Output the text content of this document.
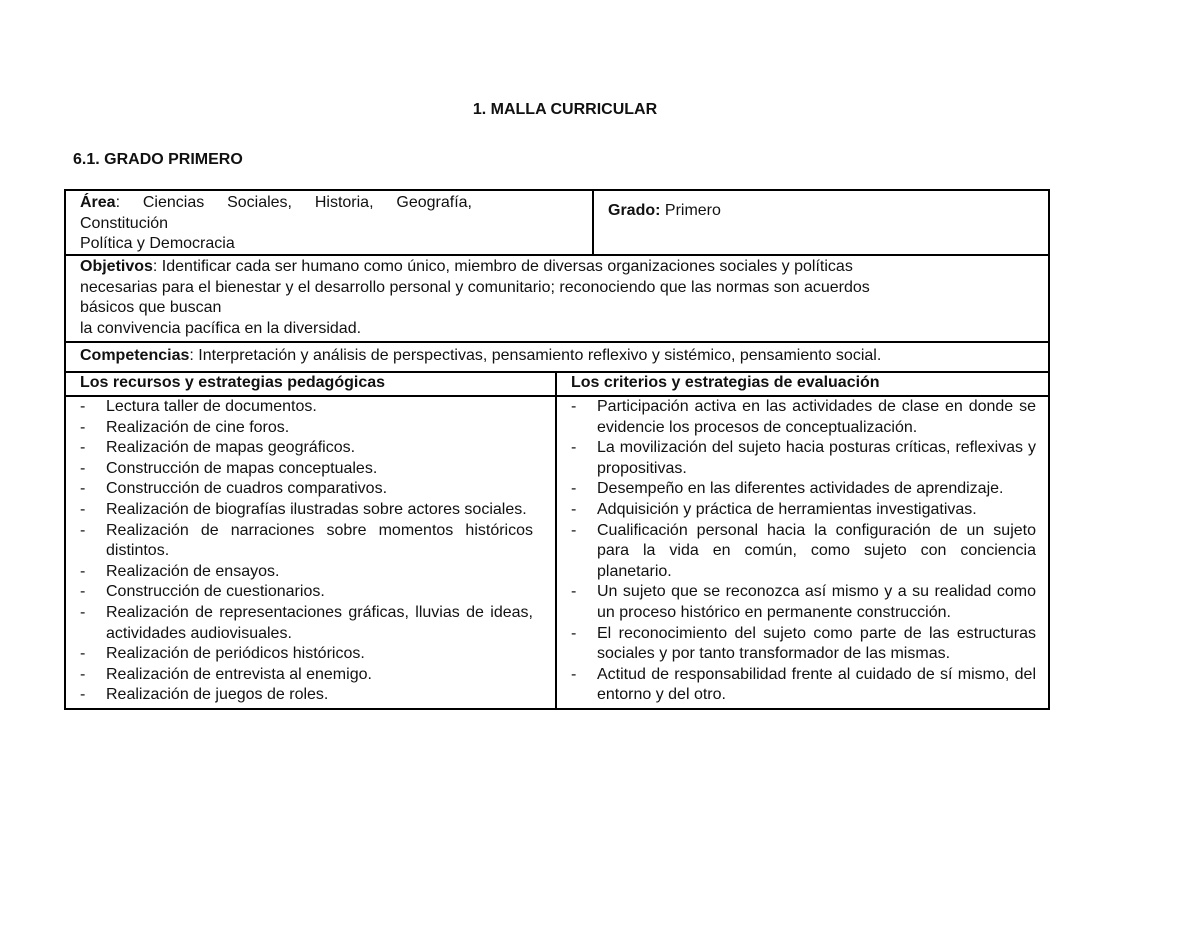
1. MALLA CURRICULAR
6.1. GRADO PRIMERO
Área: Ciencias Sociales, Historia, Geografía,
Constitución
Política y Democracia
Grado: Primero
Objetivos: Identificar cada ser humano como único, miembro de diversas organizaciones sociales y políticas
necesarias para el bienestar y el desarrollo personal y comunitario; reconociendo que las normas son acuerdos
básicos que buscan
la convivencia pacífica en la diversidad.
Competencias: Interpretación y análisis de perspectivas, pensamiento reflexivo y sistémico, pensamiento social.
Los recursos y estrategias pedagógicas	Los criterios y estrategias de evaluación
- Lectura taller de documentos.
- Realización de cine foros.
- Realización de mapas geográficos.
- Construcción de mapas conceptuales.
- Construcción de cuadros comparativos.
- Realización de biografías ilustradas sobre actores sociales.
- Realización de narraciones sobre momentos históricos distintos.
- Realización de ensayos.
- Construcción de cuestionarios.
- Realización de representaciones gráficas, lluvias de ideas, actividades audiovisuales.
- Realización de periódicos históricos.
- Realización de entrevista al enemigo.
- Realización de juegos de roles.
- Participación activa en las actividades de clase en donde se evidencie los procesos de conceptualización.
- La movilización del sujeto hacia posturas críticas, reflexivas y propositivas.
- Desempeño en las diferentes actividades de aprendizaje.
- Adquisición y práctica de herramientas investigativas.
- Cualificación personal hacia la configuración de un sujeto para la vida en común, como sujeto con conciencia planetario.
- Un sujeto que se reconozca así mismo y a su realidad como un proceso histórico en permanente construcción.
- El reconocimiento del sujeto como parte de las estructuras sociales y por tanto transformador de las mismas.
- Actitud de responsabilidad frente al cuidado de sí mismo, del entorno y del otro.
